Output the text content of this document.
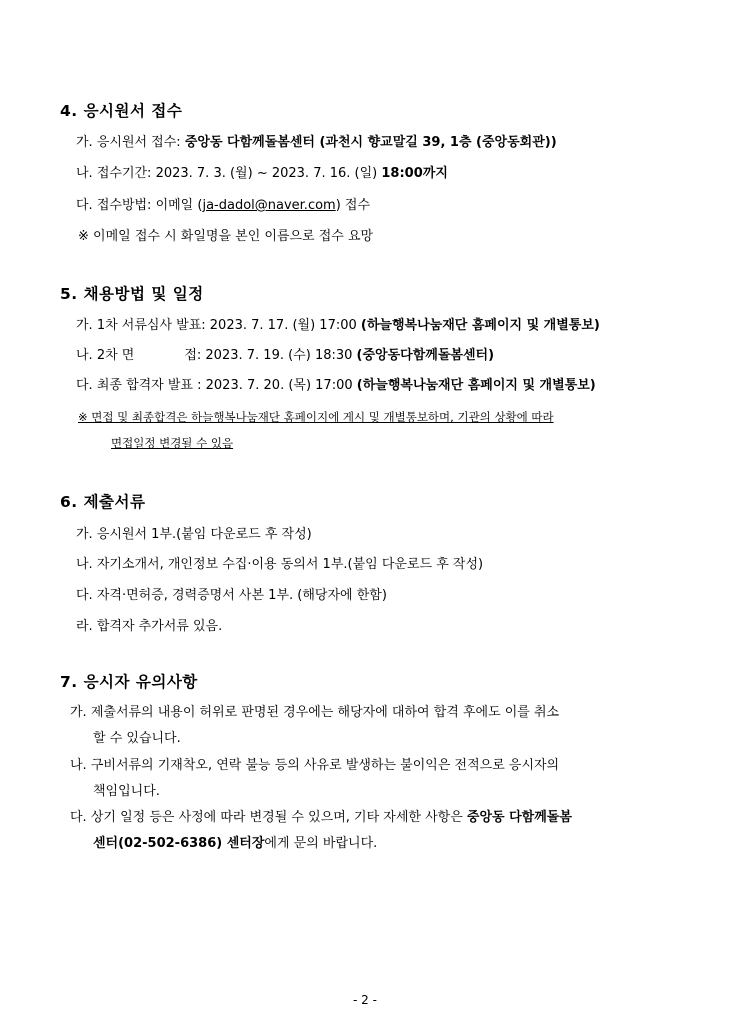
4. 응시원서 접수
가. 응시원서 접수: 중앙동 다함께돌봄센터 (과천시 향교말길 39, 1층 (중앙동회관))
나. 접수기간: 2023. 7. 3. (월) ~ 2023. 7. 16. (일) 18:00까지
다. 접수방법: 이메일 (ja-dadol@naver.com) 접수
※ 이메일 접수 시 화일명을 본인 이름으로 접수 요망
5. 채용방법 및 일정
가. 1차 서류심사 발표: 2023. 7. 17. (월) 17:00 (하늘행복나눔재단 홈페이지 및 개별통보)
나. 2차 면	접: 2023. 7. 19. (수) 18:30 (중앙동다함께돌봄센터)
다. 최종 합격자 발표 : 2023. 7. 20. (목) 17:00 (하늘행복나눔재단 홈페이지 및 개별통보)
※ 면접 및 최종합격은 하늘행복나눔재단 홈페이지에 게시 및 개별통보하며, 기관의 상황에 따라
면접일정 변경될 수 있음
6. 제출서류
가. 응시원서 1부.(붙임 다운로드 후 작성)
나. 자기소개서, 개인정보 수집·이용 동의서 1부.(붙임 다운로드 후 작성)
다. 자격·면허증, 경력증명서 사본 1부. (해당자에 한함)
라. 합격자 추가서류 있음.
7. 응시자 유의사항
가. 제출서류의 내용이 허위로 판명된 경우에는 해당자에 대하여 합격 후에도 이를 취소
할 수 있습니다.
나. 구비서류의 기재착오, 연락 불능 등의 사유로 발생하는 불이익은 전적으로 응시자의
책임입니다.
다. 상기 일정 등은 사정에 따라 변경될 수 있으며, 기타 자세한 사항은 중앙동 다함께돌봄
센터(02-502-6386) 센터장에게 문의 바랍니다.
- 2 -
